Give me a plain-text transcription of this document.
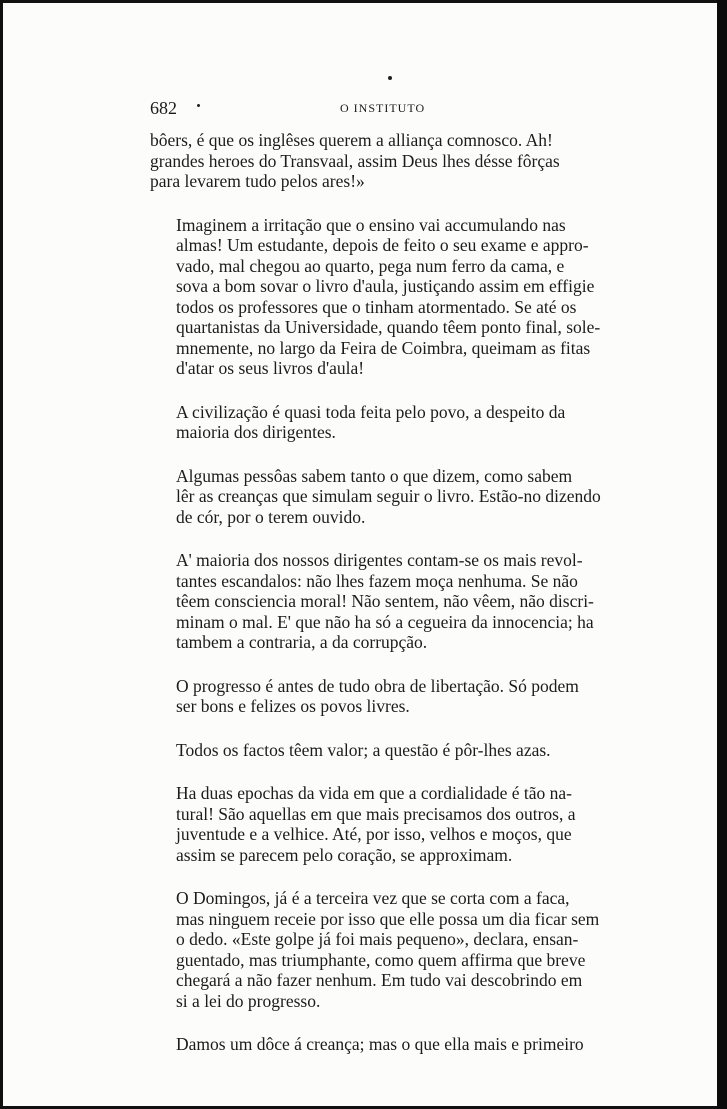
682	O INSTITUTO

bôers, é que os inglêses querem a alliança comnosco. Ah!
grandes heroes do Transvaal, assim Deus lhes désse fôrças
para levarem tudo pelos ares!»

Imaginem a irritação que o ensino vai accumulando nas
almas! Um estudante, depois de feito o seu exame e appro-
vado, mal chegou ao quarto, pega num ferro da cama, e
sova a bom sovar o livro d'aula, justiçando assim em effigie
todos os professores que o tinham atormentado. Se até os
quartanistas da Universidade, quando têem ponto final, sole-
mnemente, no largo da Feira de Coimbra, queimam as fitas
d'atar os seus livros d'aula!

A civilização é quasi toda feita pelo povo, a despeito da
maioria dos dirigentes.

Algumas pessôas sabem tanto o que dizem, como sabem
lêr as creanças que simulam seguir o livro. Estão-no dizendo
de cór, por o terem ouvido.

A' maioria dos nossos dirigentes contam-se os mais revol-
tantes escandalos: não lhes fazem moça nenhuma. Se não
têem consciencia moral! Não sentem, não vêem, não discri-
minam o mal. E' que não ha só a cegueira da innocencia; ha
tambem a contraria, a da corrupção.

O progresso é antes de tudo obra de libertação. Só podem
ser bons e felizes os povos livres.

Todos os factos têem valor; a questão é pôr-lhes azas.

Ha duas epochas da vida em que a cordialidade é tão na-
tural! São aquellas em que mais precisamos dos outros, a
juventude e a velhice. Até, por isso, velhos e moços, que
assim se parecem pelo coração, se approximam.

O Domingos, já é a terceira vez que se corta com a faca,
mas ninguem receie por isso que elle possa um dia ficar sem
o dedo. «Este golpe já foi mais pequeno», declara, ensan-
guentado, mas triumphante, como quem affirma que breve
chegará a não fazer nenhum. Em tudo vai descobrindo em
si a lei do progresso.

Damos um dôce á creança; mas o que ella mais e primeiro
